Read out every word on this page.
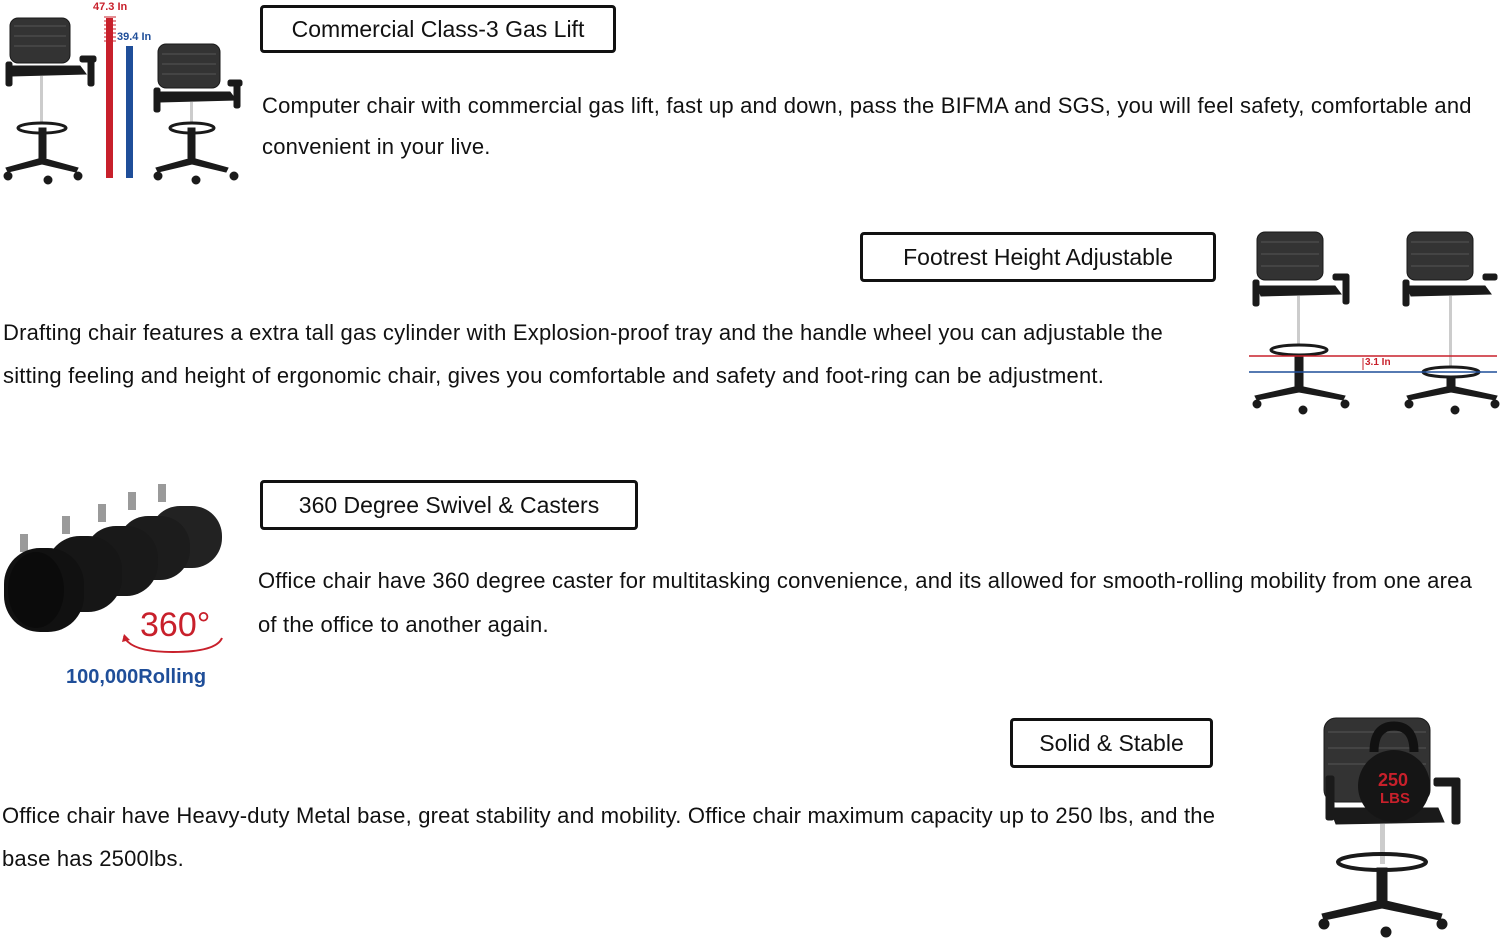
47.3 In
39.4 In	Commercial Class-3 Gas Lift

Computer chair with commercial gas lift, fast up and down, pass the BIFMA and SGS, you will feel safety, comfortable and convenient in your live.

Footrest Height Adjustable

Drafting chair features a extra tall gas cylinder with Explosion-proof tray and the handle wheel you can adjustable the sitting feeling and height of ergonomic chair, gives you comfortable and safety and foot-ring can be adjustment.

3.1 In
360°
100,000Rolling
360 Degree Swivel & Casters

Office chair have 360 degree caster for multitasking convenience, and its allowed for smooth-rolling mobility from one area of the office to another again.

Solid & Stable

Office chair have Heavy-duty Metal base, great stability and mobility. Office chair maximum capacity up to 250 lbs, and the base has 2500lbs.

250
LBS
